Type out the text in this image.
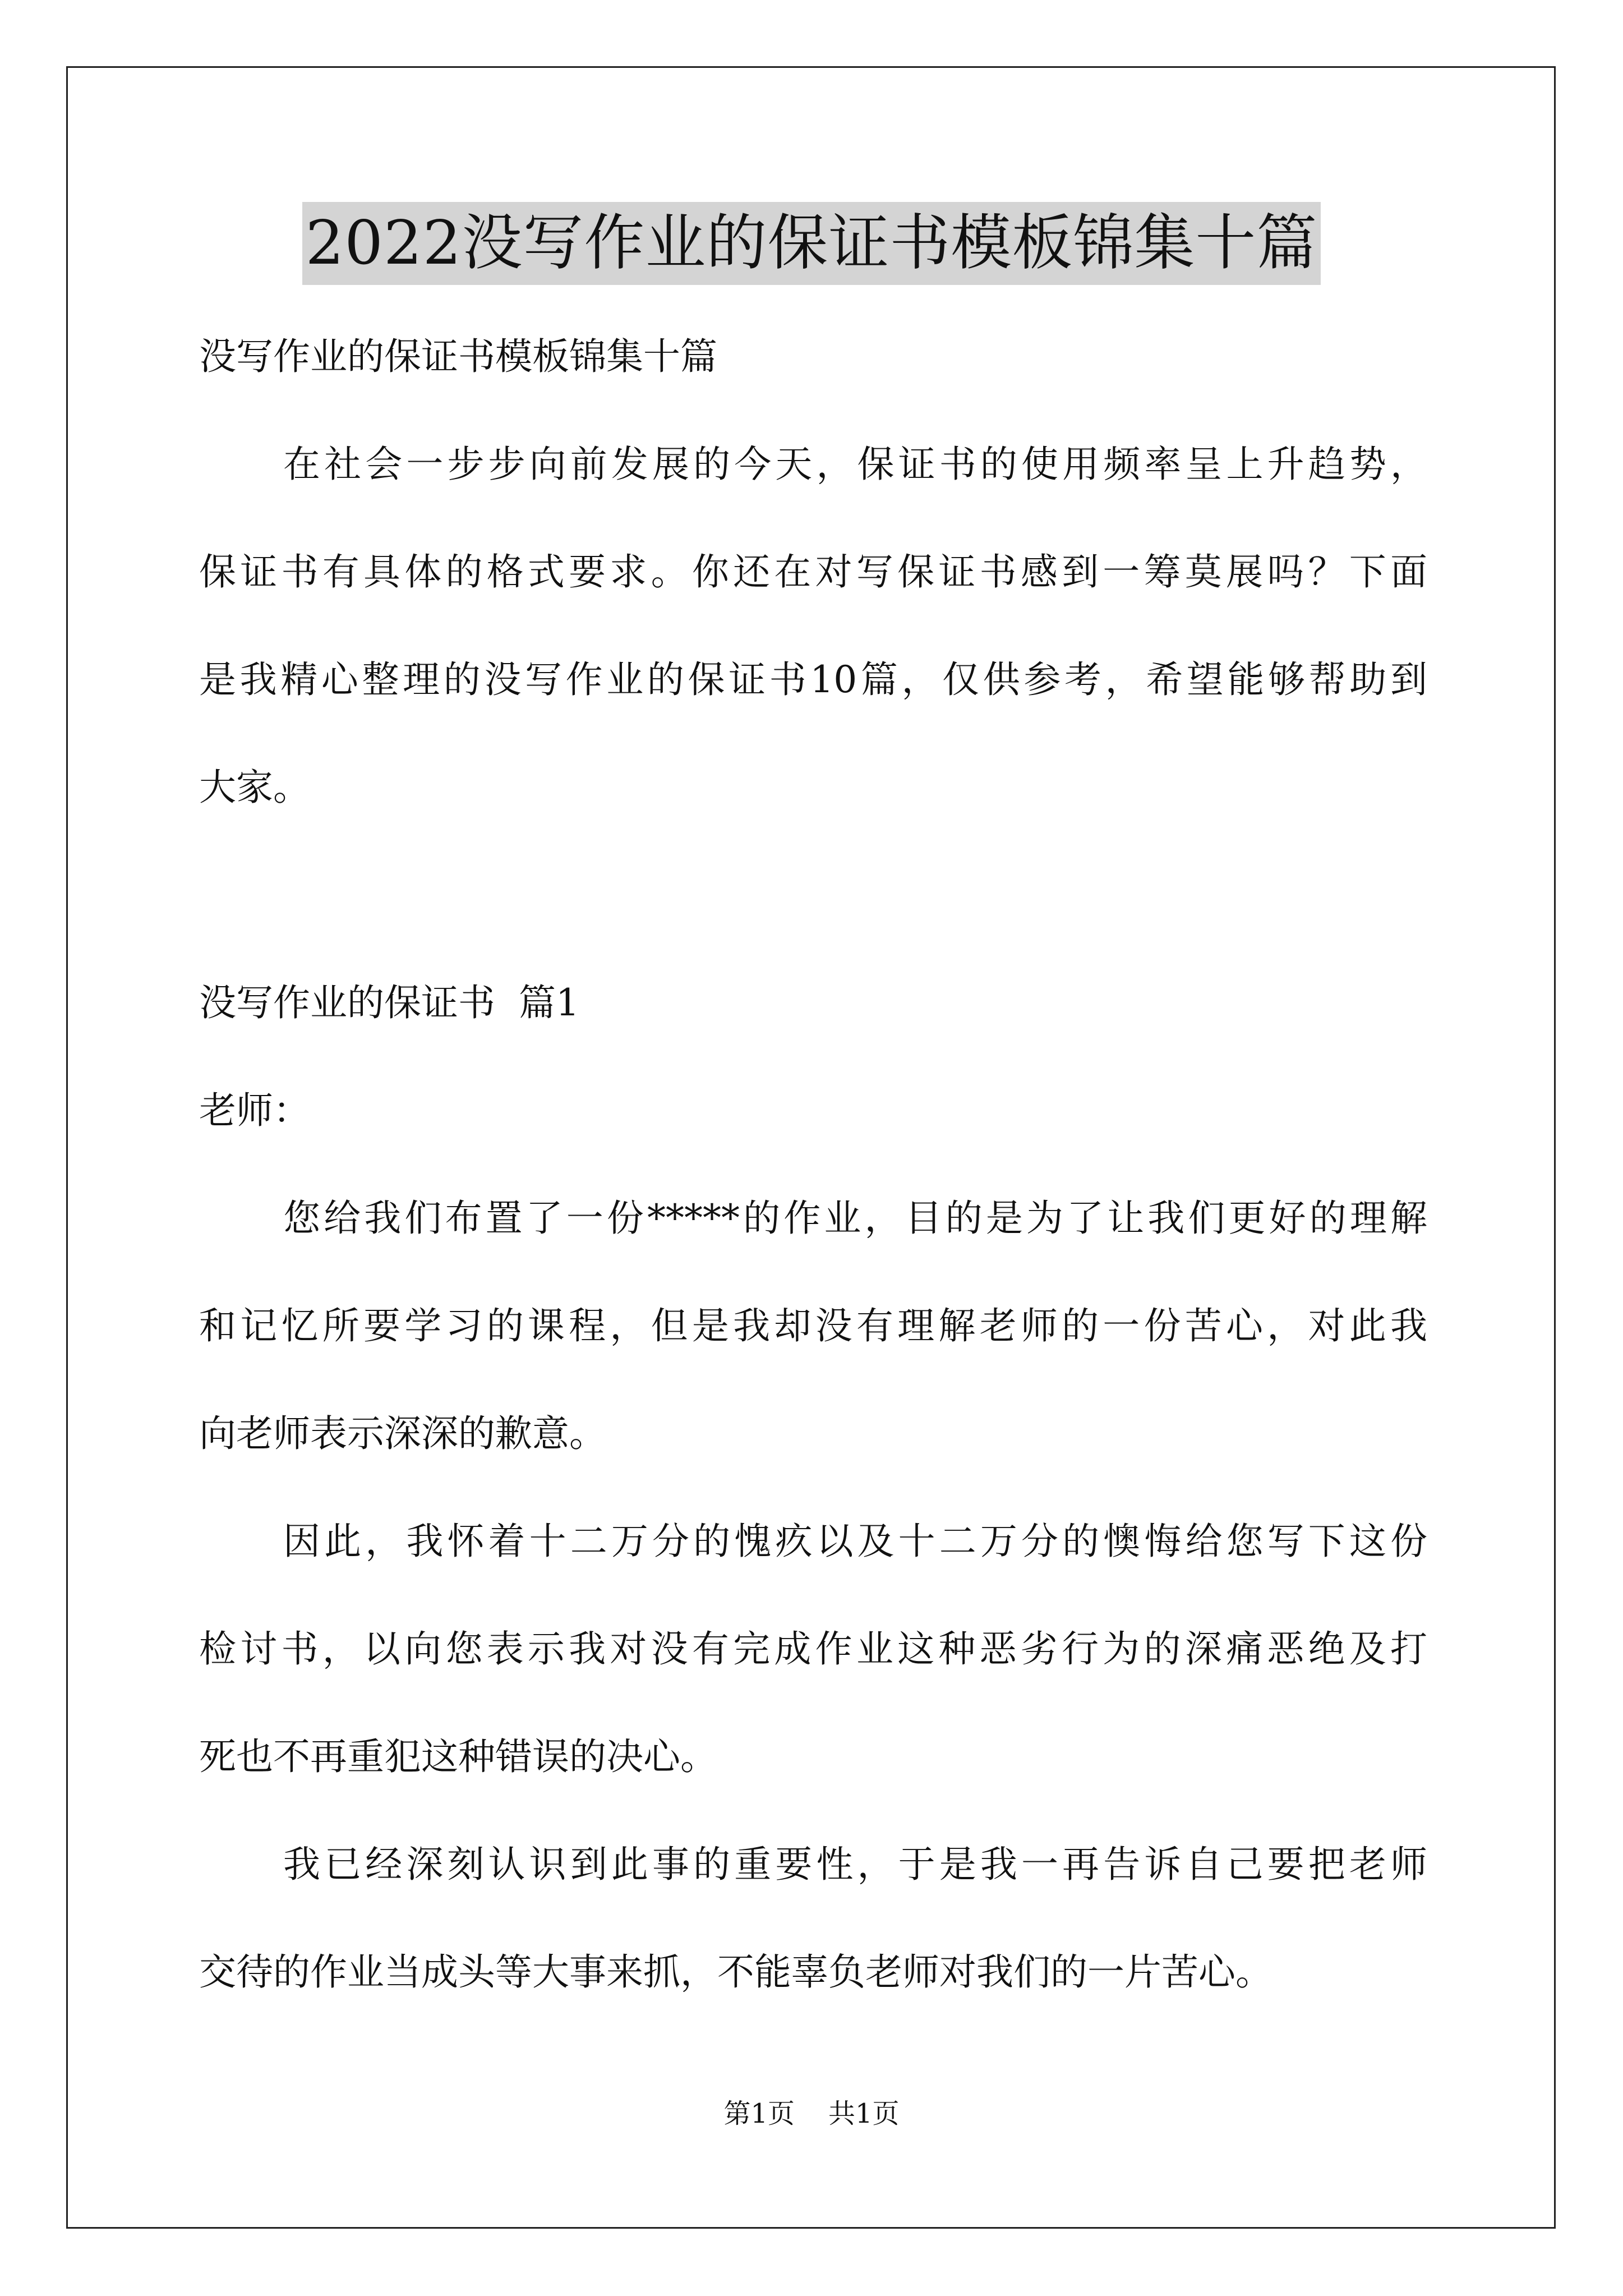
2022没写作业的保证书模板锦集十篇
没写作业的保证书模板锦集十篇
在社会一步步向前发展的今天，保证书的使用频率呈上升趋势，
保证书有具体的格式要求。你还在对写保证书感到一筹莫展吗？下面
是我精心整理的没写作业的保证书10篇，仅供参考，希望能够帮助到
大家。
没写作业的保证书  篇1
老师：
您给我们布置了一份*****的作业，目的是为了让我们更好的理解
和记忆所要学习的课程，但是我却没有理解老师的一份苦心，对此我
向老师表示深深的歉意。
因此，我怀着十二万分的愧疚以及十二万分的懊悔给您写下这份
检讨书，以向您表示我对没有完成作业这种恶劣行为的深痛恶绝及打
死也不再重犯这种错误的决心。
我已经深刻认识到此事的重要性，于是我一再告诉自己要把老师
交待的作业当成头等大事来抓，不能辜负老师对我们的一片苦心。
第1页 共1页
